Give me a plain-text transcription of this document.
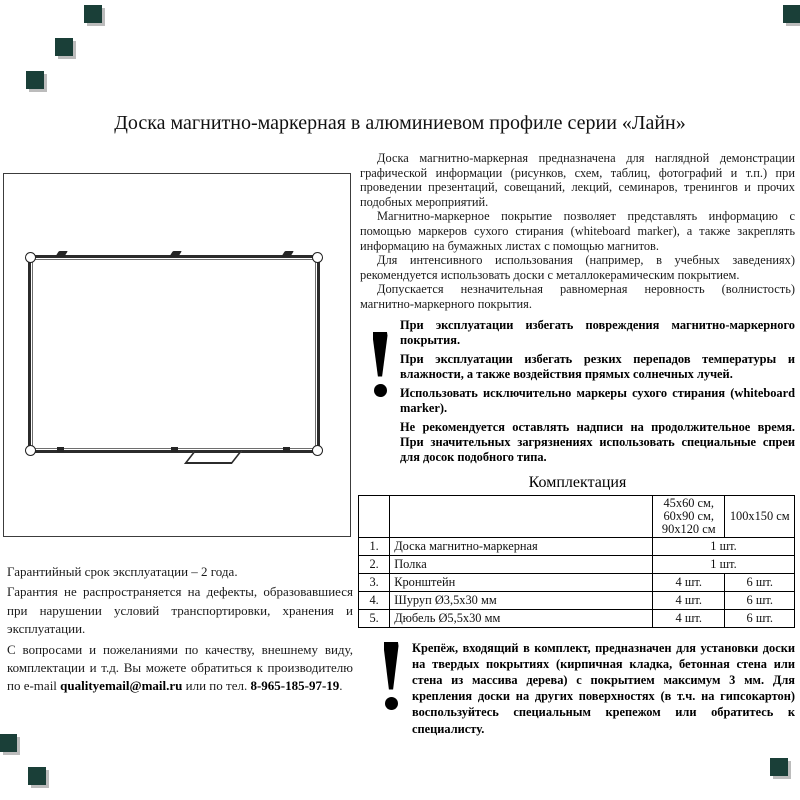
Доска магнитно-маркерная в алюминиевом профиле серии «Лайн»

Доска магнитно-маркерная предназначена для наглядной демонстрации графической информации (рисунков, схем, таблиц, фотографий и т.п.) при проведении презентаций, совещаний, лекций, семинаров, тренингов и прочих подобных мероприятий.

Магнитно-маркерное покрытие позволяет представлять информацию с помощью маркеров сухого стирания (whiteboard marker), а также закреплять информацию на бумажных листах с помощью магнитов.

Для интенсивного использования (например, в учебных заведениях) рекомендуется использовать доски с металлокерамическим покрытием.

Допускается незначительная равномерная неровность (волнистость) магнитно-маркерного покрытия.

При эксплуатации избегать повреждения магнитно-маркерного покрытия.

При эксплуатации избегать резких перепадов температуры и влажности, а также воздействия прямых солнечных лучей.

Использовать исключительно маркеры сухого стирания (whiteboard marker).

Не рекомендуется оставлять надписи на продолжительное время. При значительных загрязнениях использовать специальные спреи для досок подобного типа.

Комплектация

		45x60 см,
60x90 см,
90x120 см	100x150 см
1.	Доска магнитно-маркерная	1 шт.	
2.	Полка	1 шт.	
3.	Кронштейн	4 шт.	6 шт.
4.	Шуруп Ø3,5x30 мм	4 шт.	6 шт.
5.	Дюбель Ø5,5x30 мм	4 шт.	6 шт.

Крепёж, входящий в комплект, предназначен для установки доски на твердых покрытиях (кирпичная кладка, бетонная стена или стена из массива дерева) с покрытием максимум 3 мм. Для крепления доски на других поверхностях (в т.ч. на гипсокартон) воспользуйтесь специальным крепежом или обратитесь к специалисту.

Гарантийный срок эксплуатации – 2 года.

Гарантия не распространяется на дефекты, образовавшиеся при нарушении условий транспортировки, хранения и эксплуатации.

С вопросами и пожеланиями по качеству, внешнему виду, комплектации и т.д. Вы можете обратиться к производителю по e-mail qualityemail@mail.ru или по тел. 8-965-185-97-19.
